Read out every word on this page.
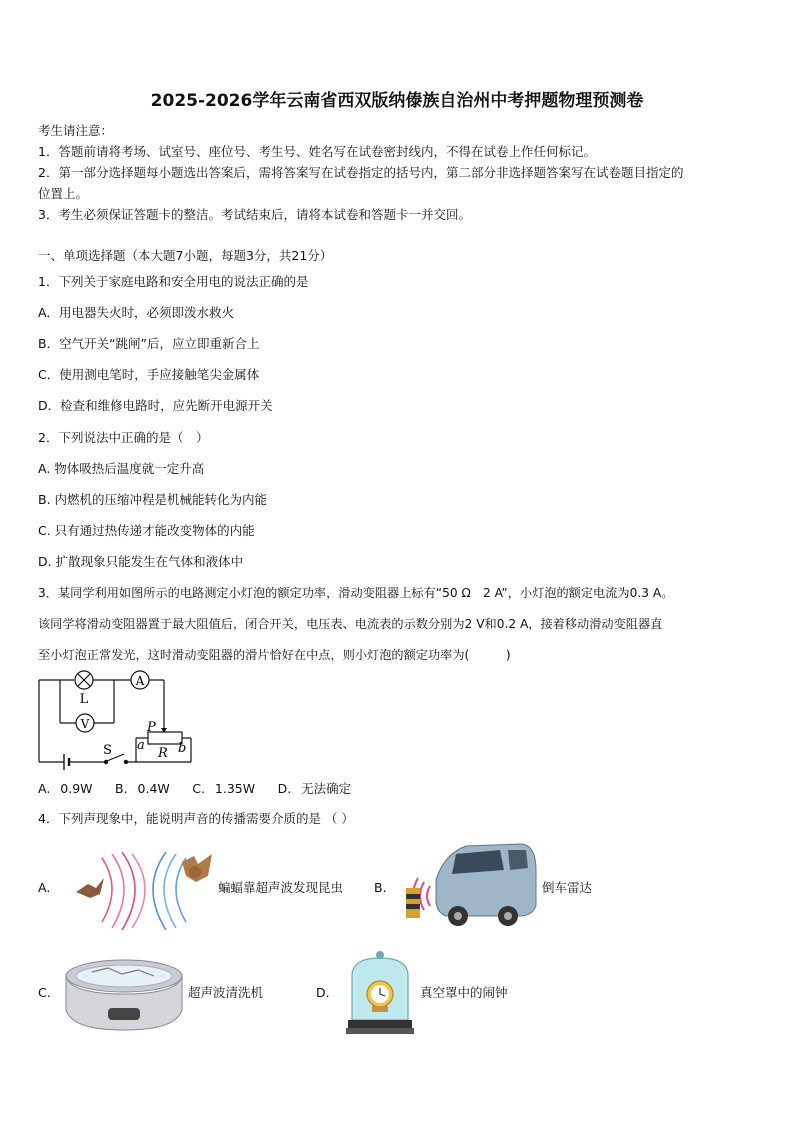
2025-2026学年云南省西双版纳傣族自治州中考押题物理预测卷
考生请注意：
1．答题前请将考场、试室号、座位号、考生号、姓名写在试卷密封线内，不得在试卷上作任何标记。
2．第一部分选择题每小题选出答案后，需将答案写在试卷指定的括号内，第二部分非选择题答案写在试卷题目指定的
位置上。
3．考生必须保证答题卡的整洁。考试结束后，请将本试卷和答题卡一并交回。
一、单项选择题（本大题7小题，每题3分，共21分）
1．下列关于家庭电路和安全用电的说法正确的是
A．用电器失火时，必须即泼水救火
B．空气开关“跳闸”后，应立即重新合上
C．使用测电笔时，手应接触笔尖金属体
D．检查和维修电路时，应先断开电源开关
2．下列说法中正确的是（　）
A. 物体吸热后温度就一定升高
B. 内燃机的压缩冲程是机械能转化为内能
C. 只有通过热传递才能改变物体的内能
D. 扩散现象只能发生在气体和液体中
3．某同学利用如图所示的电路测定小灯泡的额定功率，滑动变阻器上标有“50 Ω　2 A”，小灯泡的额定电流为0.3 A。
该同学将滑动变阻器置于最大阻值后，闭合开关，电压表、电流表的示数分别为2 V和0.2 A，接着移动滑动变阻器直
至小灯泡正常发光，这时滑动变阻器的滑片恰好在中点，则小灯泡的额定功率为(　　　)
L
A
V	P
a	b
R
S
A. 0.9W　 B. 0.4W　 C. 1.35W　 D. 无法确定
4．下列声现象中，能说明声音的传播需要介质的是 （ ）
A.	蝙蝠靠超声波发现昆虫 B.	倒车雷达
C.	超声波清洗机	D.	真空罩中的闹钟
